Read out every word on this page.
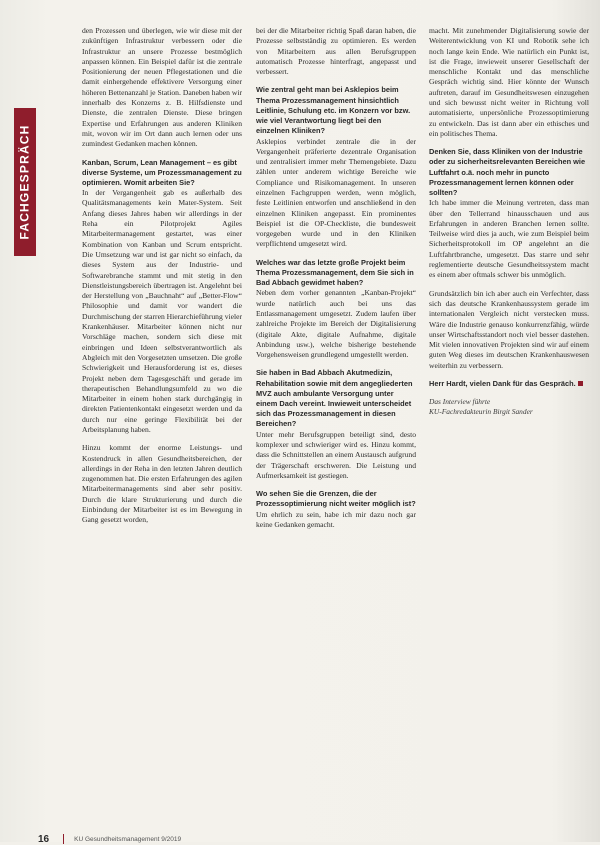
FACHGESPRÄCH

den Prozessen und überlegen, wie wir diese mit der zukünftigen Infrastruktur verbessern oder die Infrastruktur an unsere Prozesse bestmöglich anpassen können. Ein Beispiel dafür ist die zentrale Positionierung der neuen Pflegestationen und die damit einhergehende effektivere Versorgung einer höheren Bettenanzahl je Station. Daneben haben wir innerhalb des Konzerns z. B. Hilfsdienste und Dienste, die zentralen Dienste. Diese bringen Expertise und Erfahrungen aus anderen Kliniken mit, wovon wir im Ort dann auch lernen oder uns zumindest Gedanken machen können.

Kanban, Scrum, Lean Management – es gibt diverse Systeme, um Prozessmanagement zu optimieren. Womit arbeiten Sie?

In der Vergangenheit gab es außerhalb des Qualitätsmanagements kein Mater-System. Seit Anfang dieses Jahres haben wir allerdings in der Reha ein Pilotprojekt Agiles Mitarbeitermanagement gestartet, was einer Kombination von Kanban und Scrum entspricht. Die Umsetzung war und ist gar nicht so einfach, da dieses System aus der Industrie- und Softwarebranche stammt und mit stetig in den Dienstleistungsbereich übertragen ist. Angelehnt bei der Herstellung von „Bauchnaht“ auf „Better-Flow“ Philosophie und damit vor wandert die Durchmischung der starren Hierarchieführung vieler Krankenhäuser. Mitarbeiter können nicht nur Vorschläge machen, sondern sich diese mit einbringen und Ideen selbstverantwortlich als Abgleich mit den Vorgesetzten umsetzen. Die große Schwierigkeit und Herausforderung ist es, dieses Projekt neben dem Tagesgeschäft und gerade im therapeutischen Behandlungsumfeld zu wo die Mitarbeiter in einem hohen stark durchgängig in direkten Patientenkontakt eingesetzt werden und da durch nur eine geringe Flexibilität bei der Arbeitsplanung haben.

Hinzu kommt der enorme Leistungs- und Kostendruck in allen Gesundheitsbereichen, der allerdings in der Reha in den letzten Jahren deutlich zugenommen hat. Die ersten Erfahrungen des agilen Mitarbeitermanagements sind aber sehr positiv. Durch die klare Strukturierung und durch die Einbindung der Mitarbeiter ist es im Bewegung in Gang gesetzt worden,

bei der die Mitarbeiter richtig Spaß daran haben, die Prozesse selbstständig zu optimieren. Es werden von Mitarbeitern aus allen Berufsgruppen automatisch Prozesse hinterfragt, angepasst und verbessert.

Wie zentral geht man bei Asklepios beim Thema Prozessmanagement hinsichtlich Leitlinie, Schulung etc. im Konzern vor bzw. wie viel Verantwortung liegt bei den einzelnen Kliniken?

Asklepios verbindet zentrale die in der Vergangenheit präferierte dezentrale Organisation und zentralisiert immer mehr Themengebiete. Dazu zählen unter anderem wichtige Bereiche wie Compliance und Risikomanagement. In unseren einzelnen Fachgruppen werden, wenn möglich, feste Leitlinien entworfen und anschließend in den einzelnen Kliniken angepasst. Ein prominentes Beispiel ist die OP-Checkliste, die bundesweit vorgegeben wurde und in den Kliniken verpflichtend umgesetzt wird.

Welches war das letzte große Projekt beim Thema Prozessmanagement, dem Sie sich in Bad Abbach gewidmet haben?

Neben dem vorher genannten „Kanban-Projekt“ wurde natürlich auch bei uns das Entlassmanagement umgesetzt. Zudem laufen über zahlreiche Projekte im Bereich der Digitalisierung (digitale Akte, digitale Aufnahme, digitale Anbindung usw.), welche bisherige bestehende Vorgehensweisen grundlegend umgestellt werden.

Sie haben in Bad Abbach Akutmedizin, Rehabilitation sowie mit dem angegliederten MVZ auch ambulante Versorgung unter einem Dach vereint. Inwieweit unterscheidet sich das Prozessmanagement in diesen Bereichen?

Unter mehr Berufsgruppen beteiligt sind, desto komplexer und schwieriger wird es. Hinzu kommt, dass die Schnittstellen an einem Austausch aufgrund der Trägerschaft erschweren. Die Leistung und Aufmerksamkeit ist gestiegen.

Wo sehen Sie die Grenzen, die der Prozessoptimierung nicht weiter möglich ist?

Um ehrlich zu sein, habe ich mir dazu noch gar keine Gedanken gemacht.

macht. Mit zunehmender Digitalisierung sowie der Weiterentwicklung von KI und Robotik sehe ich noch lange kein Ende. Wie natürlich ein Punkt ist, ist die Frage, inwieweit unserer Gesellschaft der menschliche Kontakt und das menschliche Gespräch wichtig sind. Hier könnte der Wunsch auftreten, darauf im Gesundheitswesen einzugehen und sich bewusst nicht weiter in Richtung voll automatisierte, unpersönliche Prozessoptimierung zu entwickeln. Das ist dann aber ein ethisches und ein politisches Thema.

Denken Sie, dass Kliniken von der Industrie oder zu sicherheitsrelevanten Bereichen wie Luftfahrt o.ä. noch mehr in puncto Prozessmanagement lernen können oder sollten?

Ich habe immer die Meinung vertreten, dass man über den Tellerrand hinausschauen und aus Erfahrungen in anderen Branchen lernen sollte. Teilweise wird dies ja auch, wie zum Beispiel beim Sicherheitsprotokoll im OP angelehnt an die Luftfahrtbranche, umgesetzt. Das starre und sehr reglementierte deutsche Gesundheitssystem macht es einem aber oftmals schwer bis unmöglich.

Grundsätzlich bin ich aber auch ein Verfechter, dass sich das deutsche Krankenhaussystem gerade im internationalen Vergleich nicht verstecken muss. Wäre die Industrie genauso konkurrenzfähig, würde unser Wirtschaftsstandort noch viel besser dastehen. Mit vielen innovativen Projekten sind wir auf einem guten Weg dieses im deutschen Krankenhauswesen weiterhin zu verbessern.

Herr Hardt, vielen Dank für das Gespräch.

Das Interview führte
KU-Fachredakteurin Birgit Sander
16	KU Gesundheitsmanagement 9/2019
